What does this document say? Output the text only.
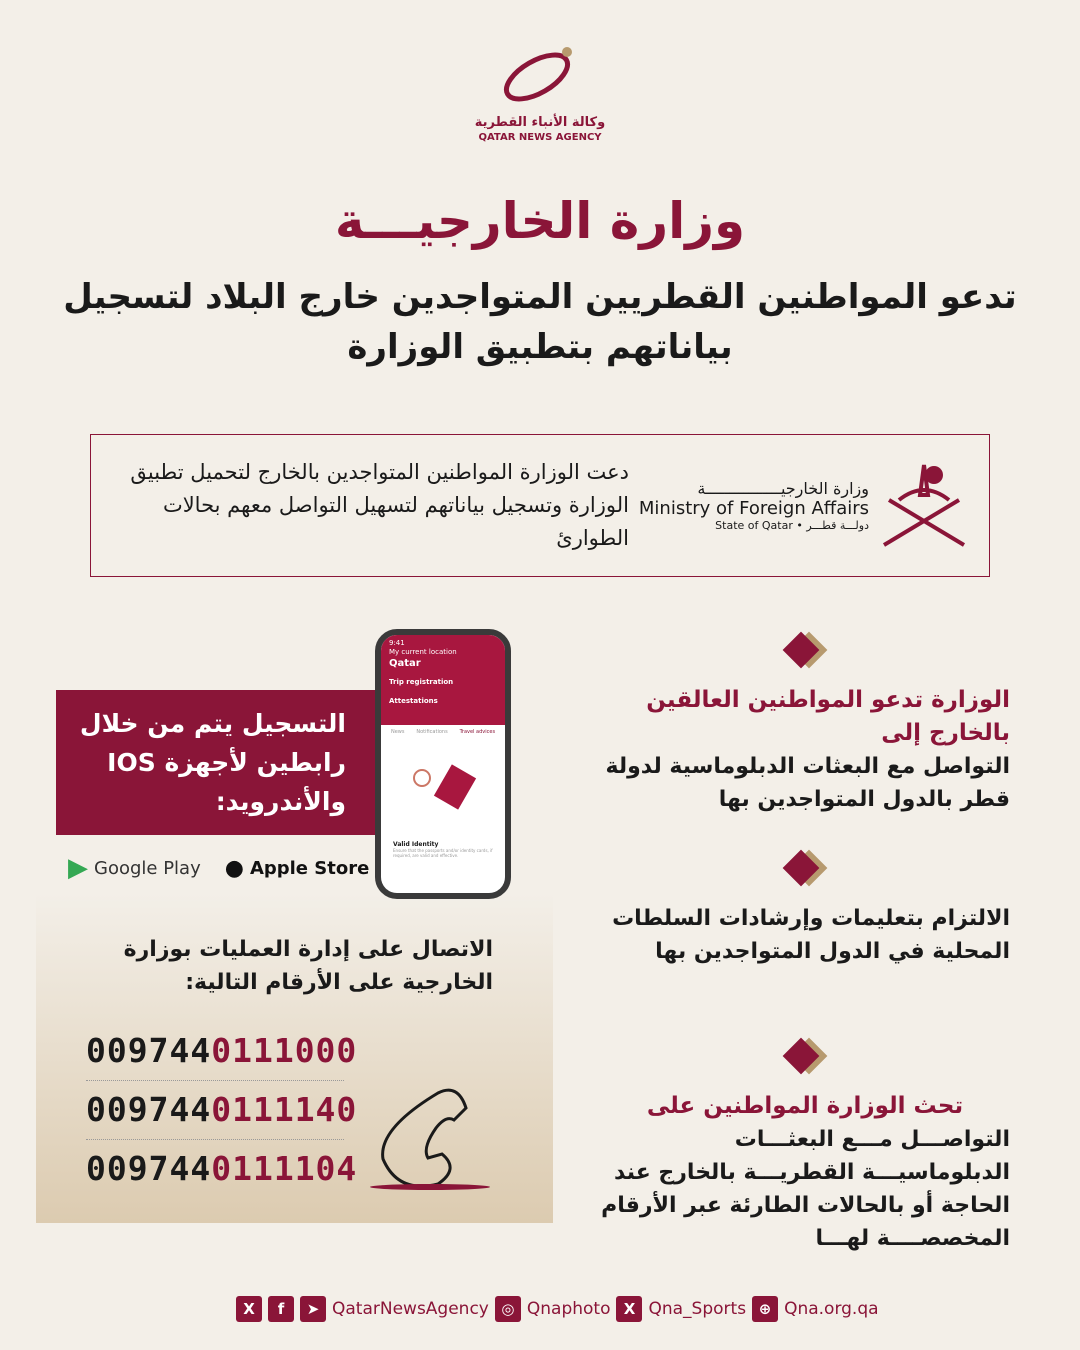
وكالة الأنباء القطرية
QATAR NEWS AGENCY
وزارة الخارجيـــة
تدعو المواطنين القطريين المتواجدين خارج البلاد لتسجيل بياناتهم بتطبيق الوزارة
دعت الوزارة المواطنين المتواجدين بالخارج لتحميل تطبيق الوزارة وتسجيل بياناتهم لتسهيل التواصل معهم بحالات الطوارئ
وزارة الخارجيــــــــــــــــة
Ministry of Foreign Affairs
State of Qatar • دولـــة قطـــر
التسجيل يتم من خلال رابطين لأجهزة IOS والأندرويد:
▶ Google Play ● Apple Store
الاتصال على إدارة العمليات بوزارة الخارجية على الأرقام التالية:
0097440111000
0097440111140
0097440111104
9:41
My current location
Qatar
Trip registration
Attestations
News Notifications Travel advices
Valid Identity
Ensure that the passports and/or identity cards, if required, are valid and effective.
الوزارة تدعو المواطنين العالقين بالخارج إلى
التواصل مع البعثات الدبلوماسية لدولة قطر بالدول المتواجدين بها
الالتزام بتعليمات وإرشادات السلطات المحلية في الدول المتواجدين بها
تحث الوزارة المواطنين على
التواصـــل مـــع البعثـــات الدبلوماسيـــة القطريـــة بالخارج عند الحاجة أو بالحالات الطارئة عبر الأرقام المخصصــــة لهـــا
X	f	➤ QatarNewsAgency ◎ Qnaphoto X Qna_Sports ⊕ Qna.org.qa
